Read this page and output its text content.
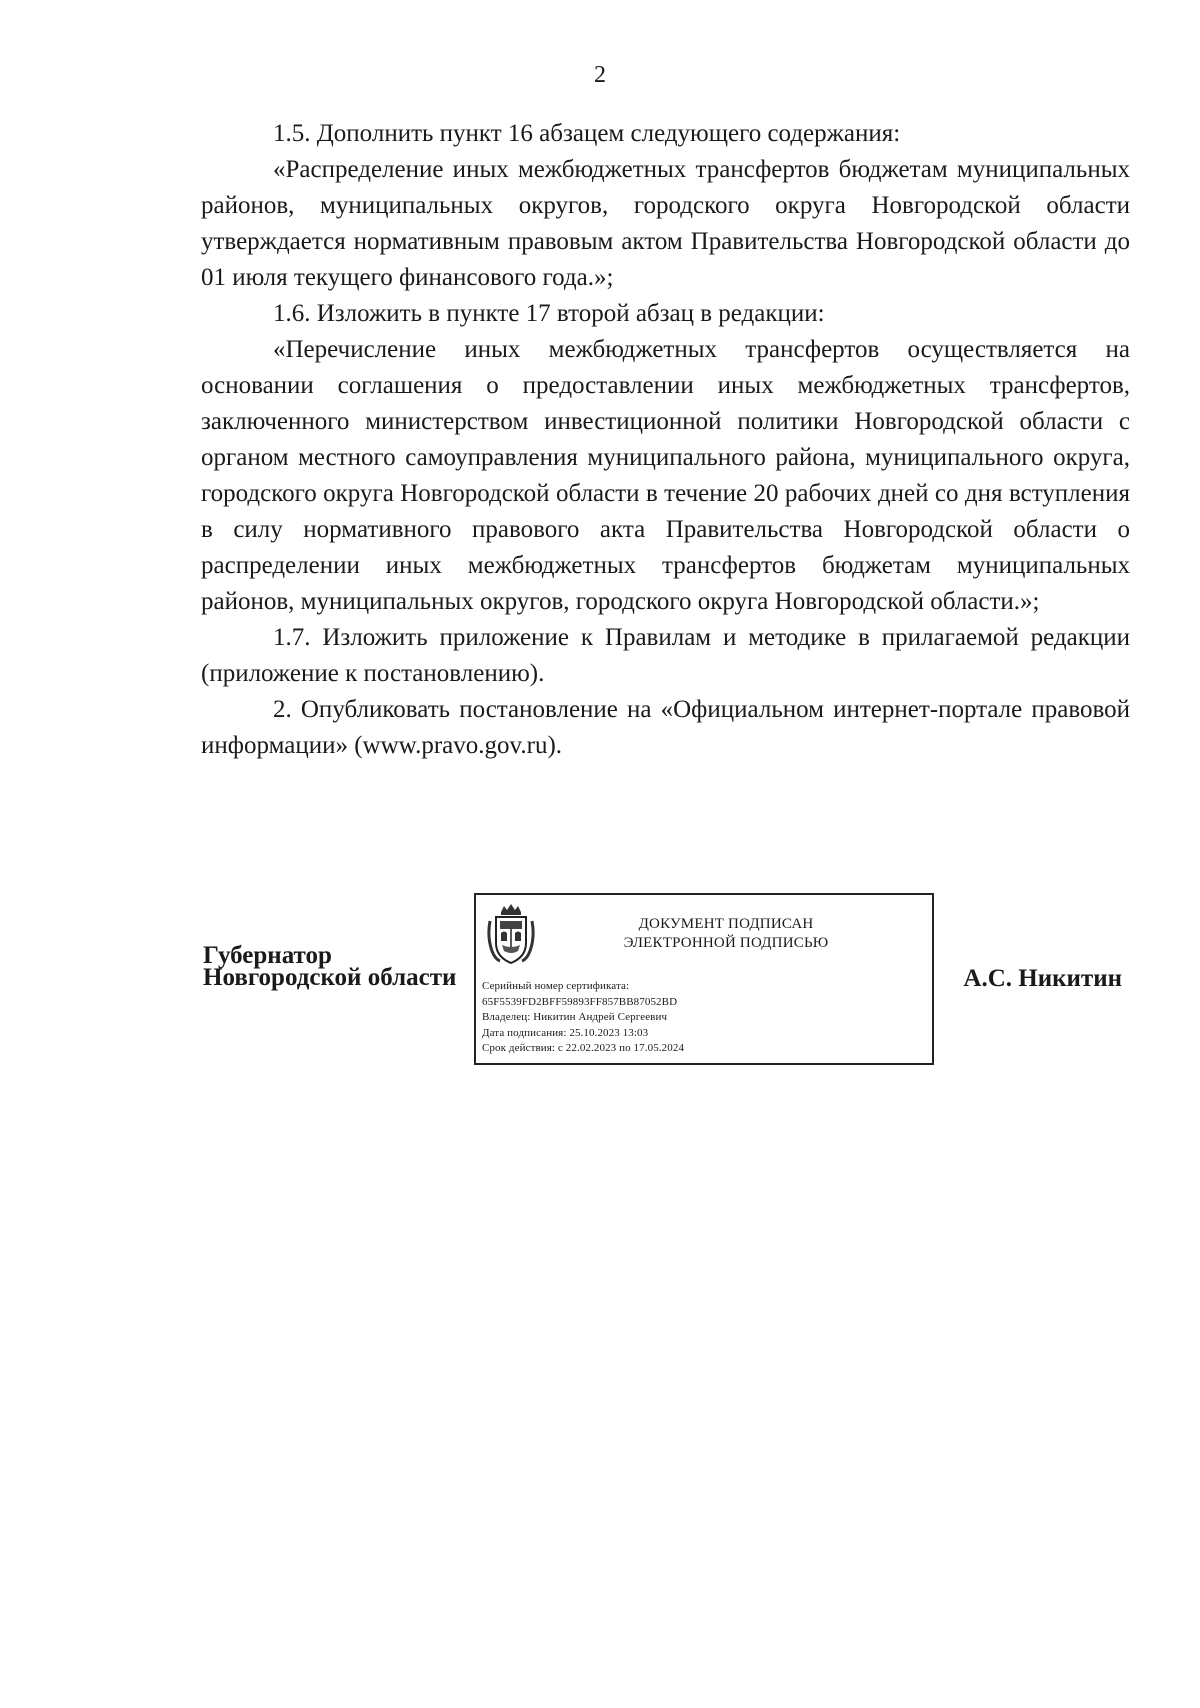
2

1.5. Дополнить пункт 16 абзацем следующего содержания:

«Распределение иных межбюджетных трансфертов бюджетам муниципальных районов, муниципальных округов, городского округа Новгородской области утверждается нормативным правовым актом Правительства Новгородской области до 01 июля текущего финансового года.»;

1.6. Изложить в пункте 17 второй абзац в редакции:

«Перечисление иных межбюджетных трансфертов осуществляется на основании соглашения о предоставлении иных межбюджетных трансфертов, заключенного министерством инвестиционной политики Новгородской области с органом местного самоуправления муниципального района, муниципального округа, городского округа Новгородской области в течение 20 рабочих дней со дня вступления в силу нормативного правового акта Правительства Новгородской области о распределении иных межбюджетных трансфертов бюджетам муниципальных районов, муниципальных округов, городского округа Новгородской области.»;

1.7. Изложить приложение к Правилам и методике в прилагаемой редакции (приложение к постановлению).

2. Опубликовать постановление на «Официальном интернет-портале правовой информации» (www.pravo.gov.ru).

Губернатор
Новгородской области
ДОКУМЕНТ ПОДПИСАН
ЭЛЕКТРОННОЙ ПОДПИСЬЮ
Серийный номер сертификата:
65F5539FD2BFF59893FF857BB87052BD
Владелец: Никитин Андрей Сергеевич
Дата подписания: 25.10.2023 13:03
Срок действия: с 22.02.2023 по 17.05.2024
А.С. Никитин
